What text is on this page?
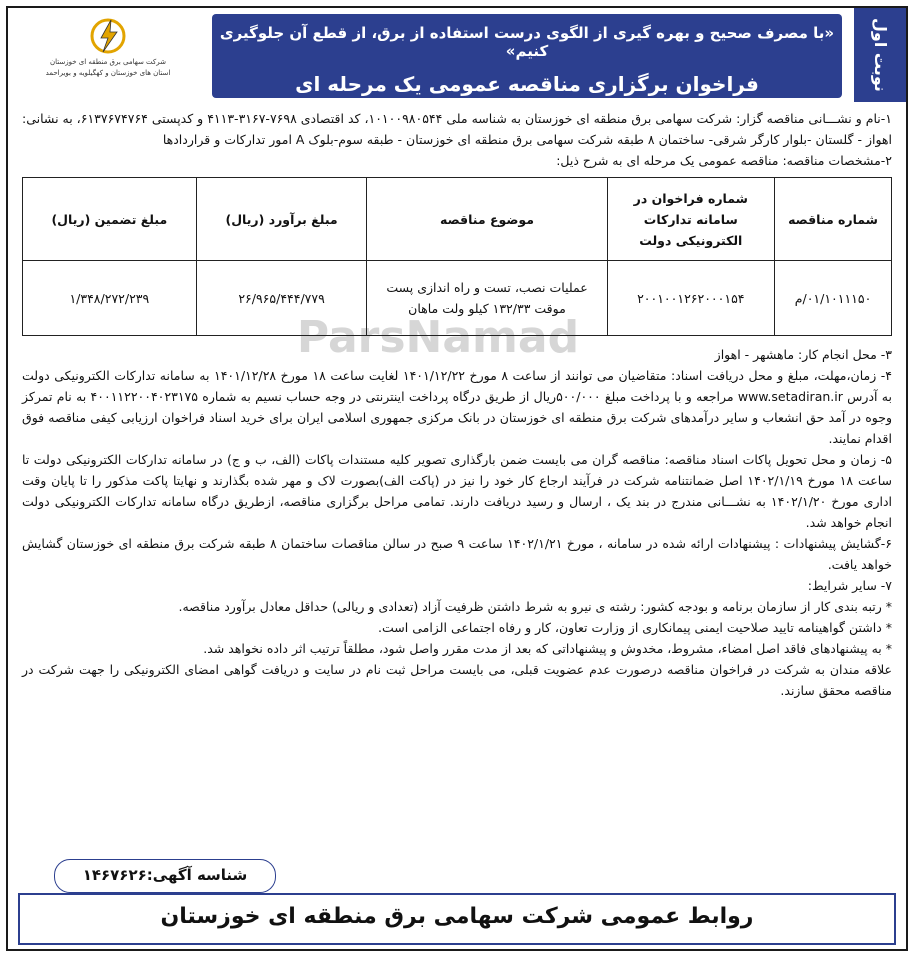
نوبت اول
«با مصرف صحیح و بهره گیری از الگوی درست استفاده از برق، از قطع آن جلوگیری کنیم»
فراخوان برگزاری مناقصه عمومی یک مرحله ای
شرکت سهامی برق منطقه ای خوزستان
استان های خوزستان و کهگیلویه و بویراحمد
ParsNamad

۱-نام و نشـــانی مناقصه گزار: شرکت سهامی برق منطقه ای خوزستان به شناسه ملی ۱۰۱۰۰۹۸۰۵۴۴، کد اقتصادی ۷۶۹۸-۳۱۶۷-۴۱۱۳ و کدپستی ۶۱۳۷۶۷۴۷۶۴، به نشانی: اهواز - گلستان -بلوار کارگر شرقی- ساختمان ۸ طبقه شرکت سهامی برق منطقه ای خوزستان - طبقه سوم-بلوک A امور تدارکات و قراردادها

۲-مشخصات مناقصه: مناقصه عمومی یک مرحله ای به شرح ذیل:

شماره مناقصه	شماره فراخوان در سامانه تدارکات الکترونیکی دولت	موضوع مناقصه	مبلغ برآورد (ریال)	مبلغ تضمین (ریال)
۰۱/۱۰۱۱۱۵۰/م	۲۰۰۱۰۰۱۲۶۲۰۰۰۱۵۴	عملیات نصب، تست و راه اندازی پست موقت ۱۳۲/۳۳ کیلو ولت ماهان	۲۶/۹۶۵/۴۴۴/۷۷۹	۱/۳۴۸/۲۷۲/۲۳۹

۳- محل انجام کار: ماهشهر - اهواز

۴- زمان،مهلت، مبلغ و محل دریافت اسناد: متقاضیان می توانند از ساعت ۸ مورخ ۱۴۰۱/۱۲/۲۲ لغایت ساعت ۱۸ مورخ ۱۴۰۱/۱۲/۲۸ به سامانه تدارکات الکترونیکی دولت به آدرس www.setadiran.ir مراجعه و با پرداخت مبلغ ۵۰۰/۰۰۰ریال از طریق درگاه پرداخت اینترنتی در وجه حساب نسیم به شماره ۴۰۰۱۱۲۲۰۰۴۰۲۳۱۷۵ به نام تمرکز وجوه در آمد حق انشعاب و سایر درآمدهای شرکت برق منطقه ای خوزستان در بانک مرکزی جمهوری اسلامی ایران برای خرید اسناد فراخوان ارزیابی کیفی مناقصه فوق اقدام نمایند.

۵- زمان و محل تحویل پاکات اسناد مناقصه: مناقصه گران می بایست ضمن بارگذاری تصویر کلیه مستندات پاکات (الف، ب و ج) در سامانه تدارکات الکترونیکی دولت تا ساعت ۱۸ مورخ ۱۴۰۲/۱/۱۹ اصل ضمانتنامه شرکت در فرآیند ارجاع کار خود را نیز در (پاکت الف)بصورت لاک و مهر شده بگذارند و نهایتا پاکت مذکور را تا پایان وقت اداری مورخ ۱۴۰۲/۱/۲۰ به نشـــانی مندرج در بند یک ، ارسال و رسید دریافت دارند. تمامی مراحل برگزاری مناقصه، ازطریق درگاه سامانه تدارکات الکترونیکی دولت انجام خواهد شد.

۶-گشایش پیشنهادات : پیشنهادات ارائه شده در سامانه ، مورخ ۱۴۰۲/۱/۲۱ ساعت ۹ صبح در سالن مناقصات ساختمان ۸ طبقه شرکت برق منطقه ای خوزستان گشایش خواهد یافت.

۷- سایر شرایط:

* رتبه بندی کار از سازمان برنامه و بودجه کشور: رشته ی نیرو به شرط داشتن ظرفیت آزاد (تعدادی و ریالی) حداقل معادل برآورد مناقصه.
* داشتن گواهینامه تایید صلاحیت ایمنی پیمانکاری از وزارت تعاون، کار و رفاه اجتماعی الزامی است.
* به پیشنهادهای فاقد اصل امضاء، مشروط، مخدوش و پیشنهاداتی که بعد از مدت مقرر واصل شود، مطلقاً ترتیب اثر داده نخواهد شد.

علاقه مندان به شرکت در فراخوان مناقصه درصورت عدم عضویت قبلی، می بایست مراحل ثبت نام در سایت و دریافت گواهی امضای الکترونیکی را جهت شرکت در مناقصه محقق سازند.

شناسه آگهی:۱۴۶۷۶۲۶
روابط عمومی شرکت سهامی برق منطقه ای خوزستان
